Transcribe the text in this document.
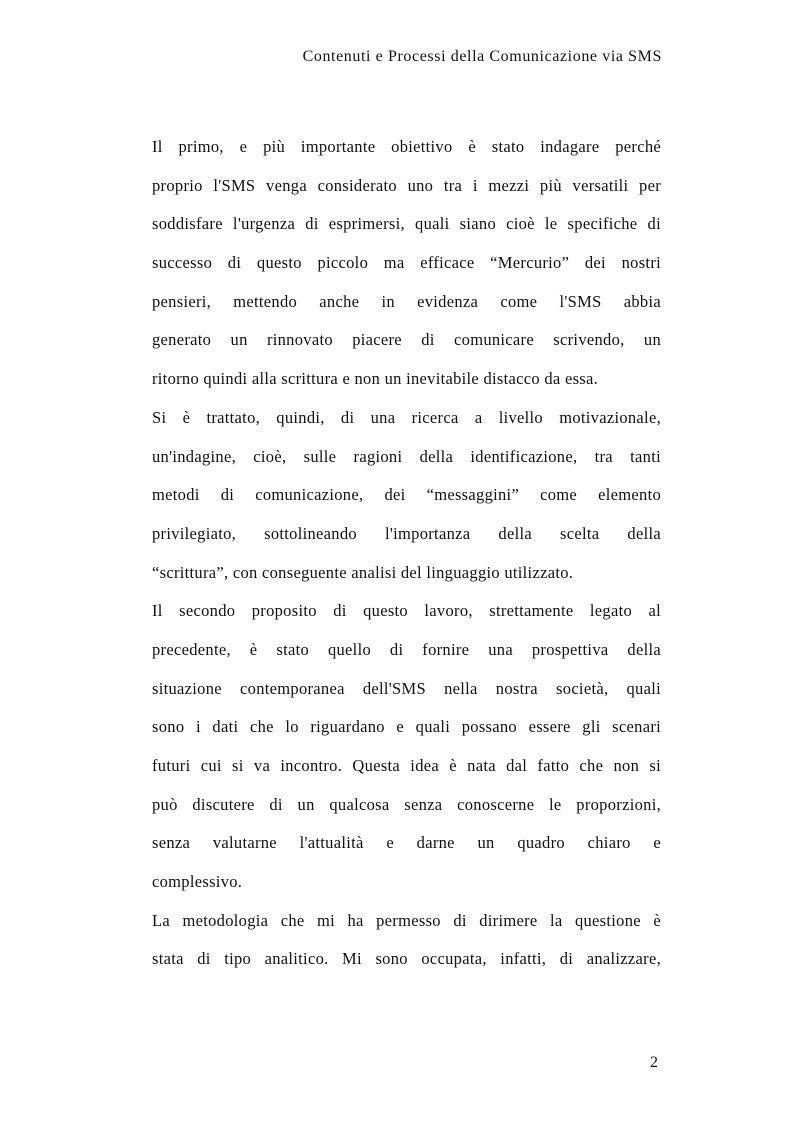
Contenuti e Processi della Comunicazione via SMS
Il primo, e più importante obiettivo è stato indagare perché
proprio l'SMS venga considerato uno tra i mezzi più versatili per
soddisfare l'urgenza di esprimersi, quali siano cioè le specifiche di
successo di questo piccolo ma efficace “Mercurio” dei nostri
pensieri, mettendo anche in evidenza come l'SMS abbia
generato un rinnovato piacere di comunicare scrivendo, un
ritorno quindi alla scrittura e non un inevitabile distacco da essa.
Si è trattato, quindi, di una ricerca a livello motivazionale,
un'indagine, cioè, sulle ragioni della identificazione, tra tanti
metodi di comunicazione, dei “messaggini” come elemento
privilegiato, sottolineando l'importanza della scelta della
“scrittura”, con conseguente analisi del linguaggio utilizzato.
Il secondo proposito di questo lavoro, strettamente legato al
precedente, è stato quello di fornire una prospettiva della
situazione contemporanea dell'SMS nella nostra società, quali
sono i dati che lo riguardano e quali possano essere gli scenari
futuri cui si va incontro. Questa idea è nata dal fatto che non si
può discutere di un qualcosa senza conoscerne le proporzioni,
senza valutarne l'attualità e darne un quadro chiaro e
complessivo.
La metodologia che mi ha permesso di dirimere la questione è
stata di tipo analitico. Mi sono occupata, infatti, di analizzare,
2
